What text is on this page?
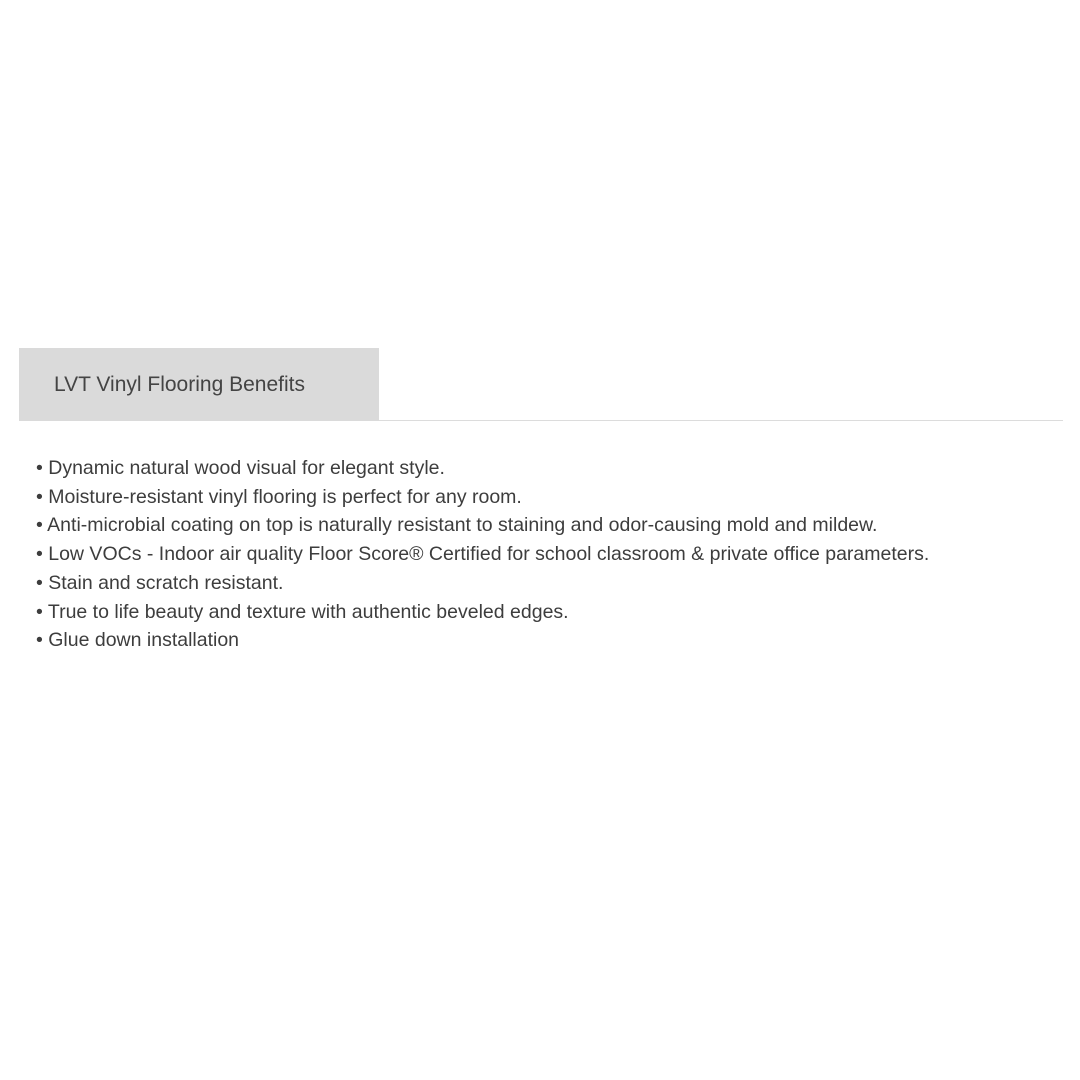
LVT Vinyl Flooring Benefits
• Dynamic natural wood visual for elegant style.
• Moisture-resistant vinyl flooring is perfect for any room.
• Anti-microbial coating on top is naturally resistant to staining and odor-causing mold and mildew.
• Low VOCs - Indoor air quality Floor Score® Certified for school classroom & private office parameters.
• Stain and scratch resistant.
• True to life beauty and texture with authentic beveled edges.
• Glue down installation
